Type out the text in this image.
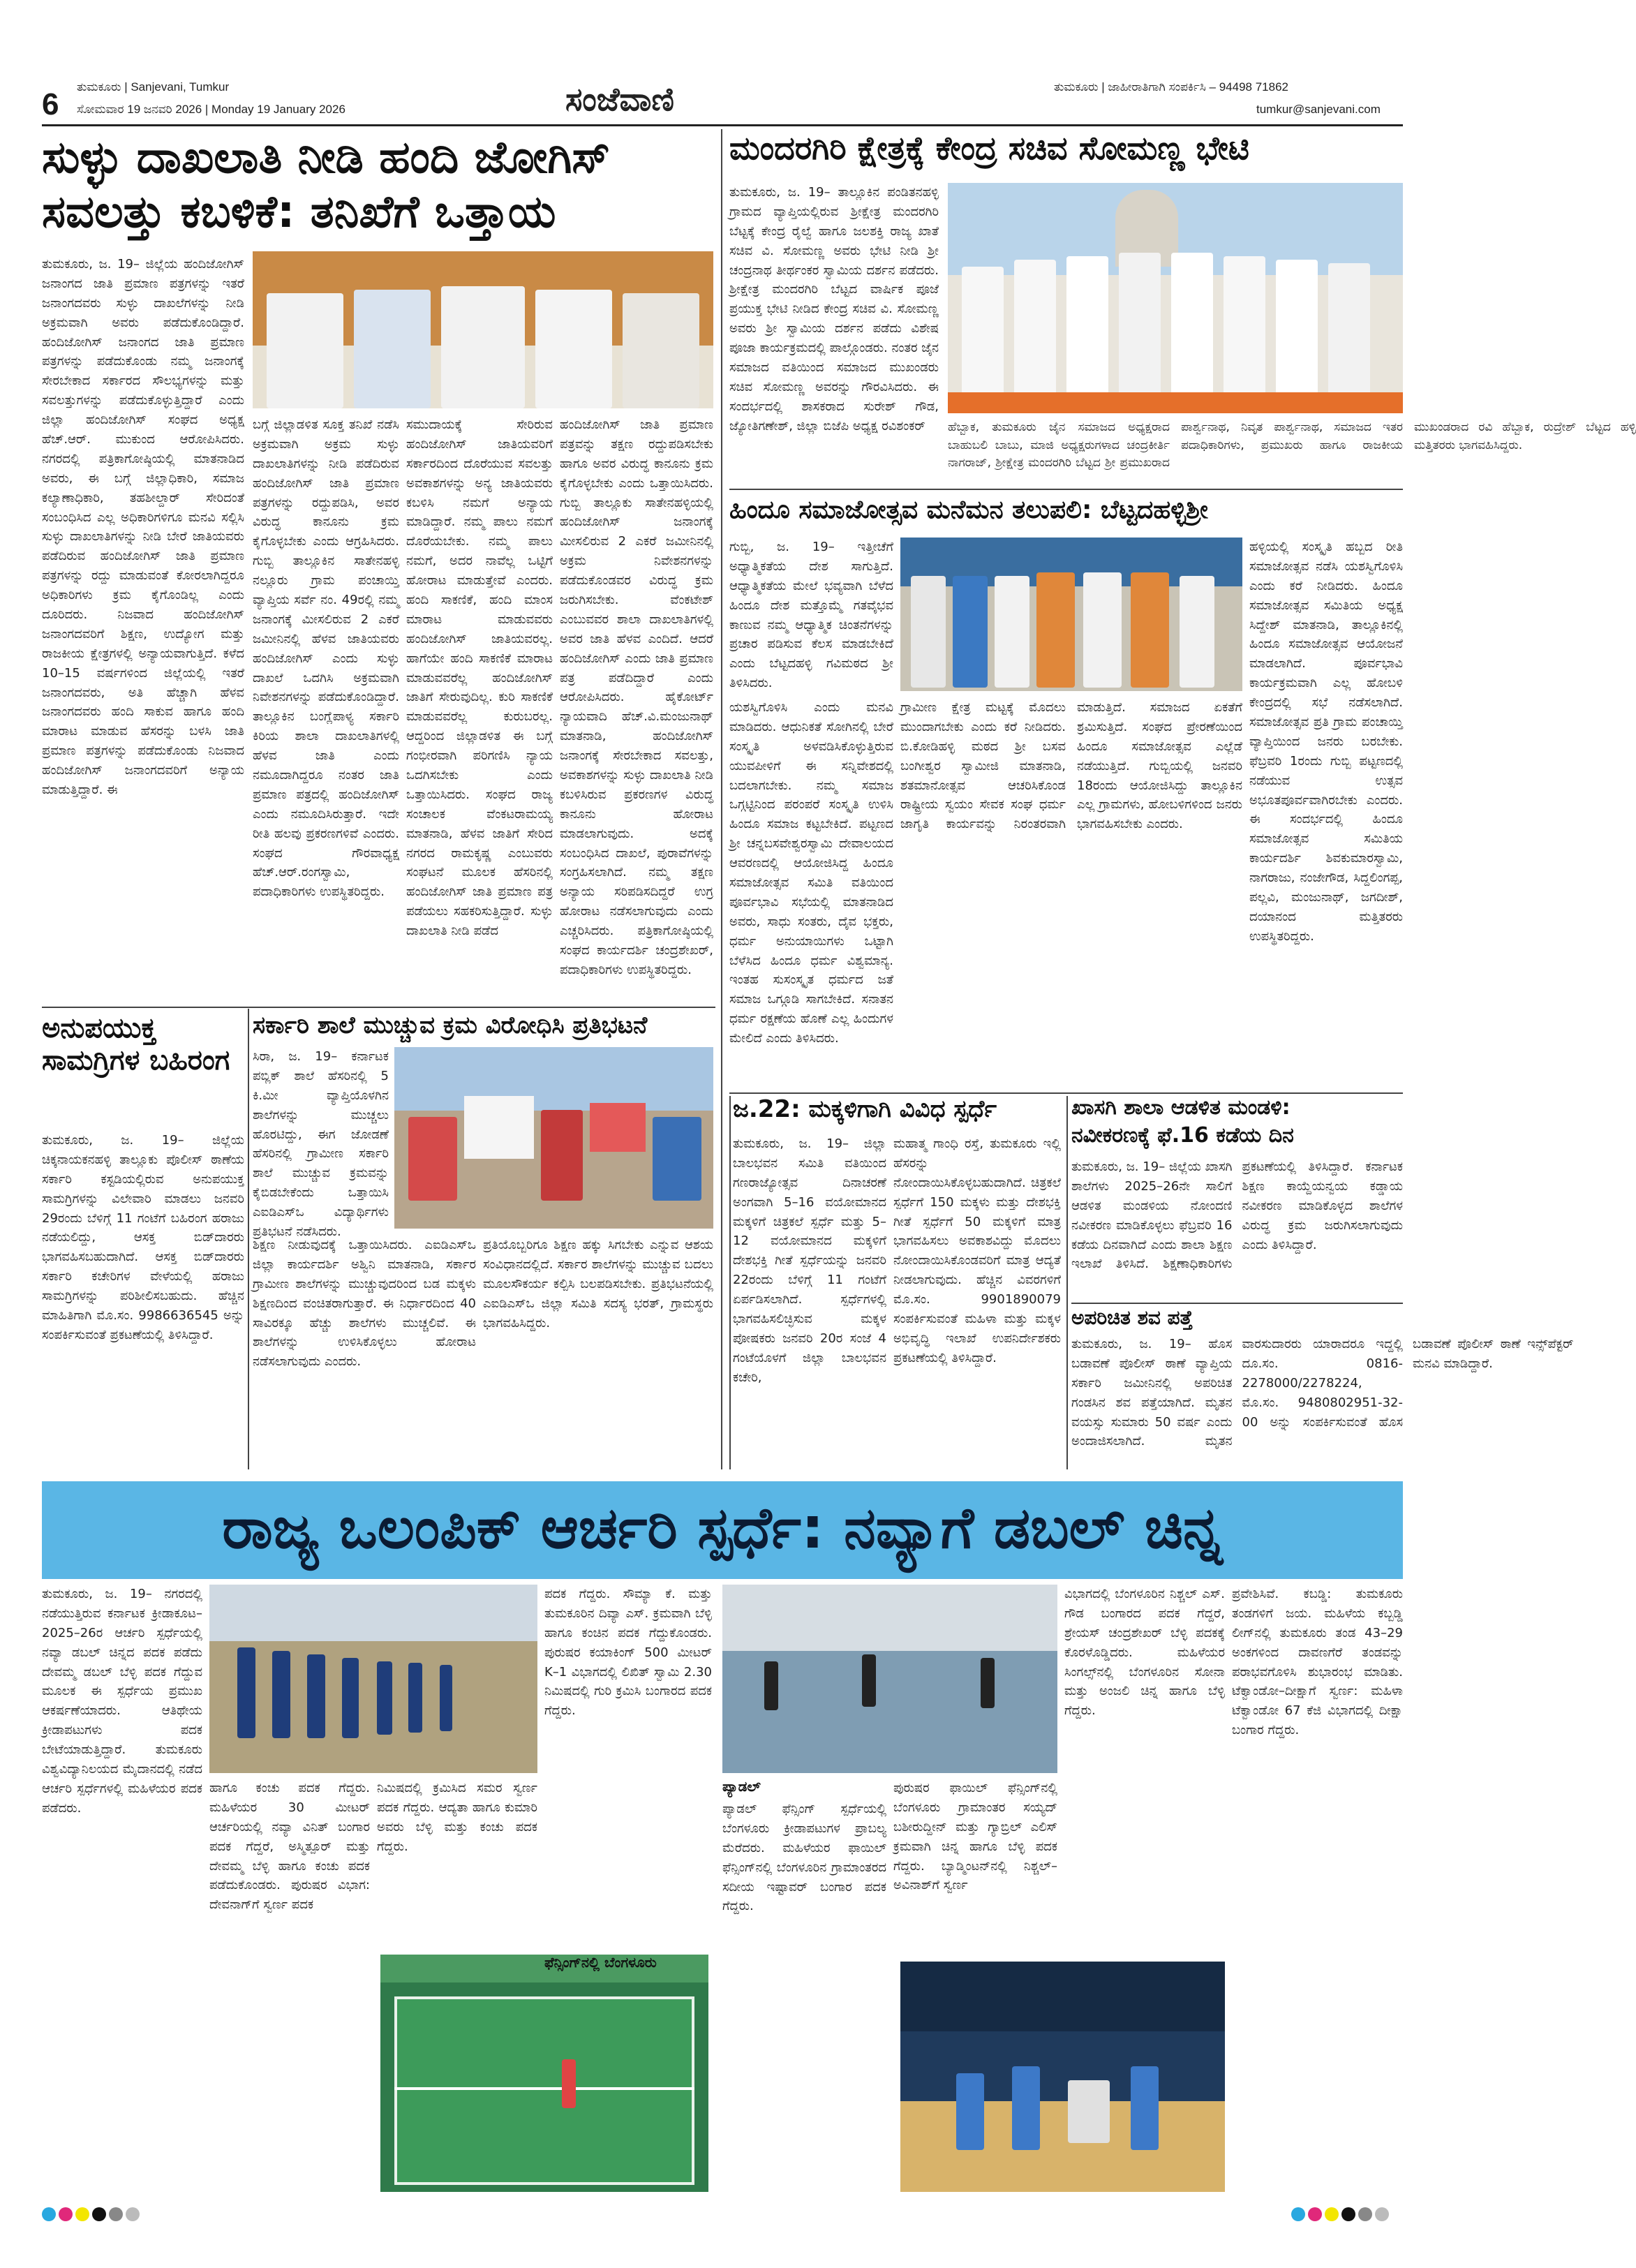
6
ತುಮಕೂರು | Sanjevani, Tumkur
ಸೋಮವಾರ 19 ಜನವರಿ 2026 | Monday 19 January 2026	ಸಂಜೆವಾಣಿ	ತುಮಕೂರು | ಜಾಹೀರಾತಿಗಾಗಿ ಸಂಪರ್ಕಿಸಿ – 94498 71862
tumkur@sanjevani.com
ಸುಳ್ಳು ದಾಖಲಾತಿ ನೀಡಿ ಹಂದಿ ಜೋಗಿಸ್
ಸವಲತ್ತು ಕಬಳಿಕೆ: ತನಿಖೆಗೆ ಒತ್ತಾಯ
ತುಮಕೂರು, ಜ. 19– ಜಿಲ್ಲೆಯ ಹಂದಿಜೋಗಿಸ್ ಜನಾಂಗದ ಜಾತಿ ಪ್ರಮಾಣ ಪತ್ರಗಳನ್ನು ಇತರೆ ಜನಾಂಗದವರು ಸುಳ್ಳು ದಾಖಲೆಗಳನ್ನು ನೀಡಿ ಅಕ್ರಮವಾಗಿ ಅವರು ಪಡೆದುಕೊಂಡಿದ್ದಾರೆ. ಹಂದಿಜೋಗಿಸ್ ಜನಾಂಗದ ಜಾತಿ ಪ್ರಮಾಣ ಪತ್ರಗಳನ್ನು ಪಡೆದುಕೊಂಡು ನಮ್ಮ ಜನಾಂಗಕ್ಕೆ ಸೇರಬೇಕಾದ ಸರ್ಕಾರದ ಸೌಲಭ್ಯಗಳನ್ನು ಮತ್ತು ಸವಲತ್ತುಗಳನ್ನು ಪಡೆದುಕೊಳ್ಳುತ್ತಿದ್ದಾರೆ ಎಂದು ಜಿಲ್ಲಾ ಹಂದಿಜೋಗಿಸ್ ಸಂಘದ ಅಧ್ಯಕ್ಷ ಹೆಚ್.ಆರ್. ಮುಕುಂದ ಆರೋಪಿಸಿದರು. ನಗರದಲ್ಲಿ ಪತ್ರಿಕಾಗೋಷ್ಠಿಯಲ್ಲಿ ಮಾತನಾಡಿದ ಅವರು, ಈ ಬಗ್ಗೆ ಜಿಲ್ಲಾಧಿಕಾರಿ, ಸಮಾಜ ಕಲ್ಯಾಣಾಧಿಕಾರಿ, ತಹಶೀಲ್ದಾರ್ ಸೇರಿದಂತೆ ಸಂಬಂಧಿಸಿದ ಎಲ್ಲ ಅಧಿಕಾರಿಗಳಿಗೂ ಮನವಿ ಸಲ್ಲಿಸಿ ಸುಳ್ಳು ದಾಖಲಾತಿಗಳನ್ನು ನೀಡಿ ಬೇರೆ ಜಾತಿಯವರು ಪಡೆದಿರುವ ಹಂದಿಜೋಗಿಸ್ ಜಾತಿ ಪ್ರಮಾಣ ಪತ್ರಗಳನ್ನು ರದ್ದು ಮಾಡುವಂತೆ ಕೋರಲಾಗಿದ್ದರೂ ಅಧಿಕಾರಿಗಳು ಕ್ರಮ ಕೈಗೊಂಡಿಲ್ಲ ಎಂದು ದೂರಿದರು. ನಿಜವಾದ ಹಂದಿಜೋಗಿಸ್ ಜನಾಂಗದವರಿಗೆ ಶಿಕ್ಷಣ, ಉದ್ಯೋಗ ಮತ್ತು ರಾಜಕೀಯ ಕ್ಷೇತ್ರಗಳಲ್ಲಿ ಅನ್ಯಾಯವಾಗುತ್ತಿದೆ. ಕಳೆದ 10–15 ವರ್ಷಗಳಿಂದ ಜಿಲ್ಲೆಯಲ್ಲಿ ಇತರೆ ಜನಾಂಗದವರು, ಅತಿ ಹೆಚ್ಚಾಗಿ ಹೆಳವ ಜನಾಂಗದವರು ಹಂದಿ ಸಾಕುವ ಹಾಗೂ ಹಂದಿ ಮಾರಾಟ ಮಾಡುವ ಹೆಸರನ್ನು ಬಳಸಿ ಜಾತಿ ಪ್ರಮಾಣ ಪತ್ರಗಳನ್ನು ಪಡೆದುಕೊಂಡು ನಿಜವಾದ ಹಂದಿಜೋಗಿಸ್ ಜನಾಂಗದವರಿಗೆ ಅನ್ಯಾಯ ಮಾಡುತ್ತಿದ್ದಾರೆ. ಈ
ಬಗ್ಗೆ ಜಿಲ್ಲಾಡಳಿತ ಸೂಕ್ತ ತನಿಖೆ ನಡೆಸಿ ಅಕ್ರಮವಾಗಿ ಅಕ್ರಮ ಸುಳ್ಳು ದಾಖಲಾತಿಗಳನ್ನು ನೀಡಿ ಪಡೆದಿರುವ ಹಂದಿಜೋಗಿಸ್ ಜಾತಿ ಪ್ರಮಾಣ ಪತ್ರಗಳನ್ನು ರದ್ದುಪಡಿಸಿ, ಅವರ ವಿರುದ್ಧ ಕಾನೂನು ಕ್ರಮ ಕೈಗೊಳ್ಳಬೇಕು ಎಂದು ಆಗ್ರಹಿಸಿದರು. ಗುಬ್ಬಿ ತಾಲ್ಲೂಕಿನ ಸಾತೇನಹಳ್ಳಿ ನಲ್ಲೂರು ಗ್ರಾಮ ಪಂಚಾಯ್ತಿ ವ್ಯಾಪ್ತಿಯ ಸರ್ವೆ ನಂ. 49ರಲ್ಲಿ ನಮ್ಮ ಜನಾಂಗಕ್ಕೆ ಮೀಸಲಿರುವ 2 ಎಕರೆ ಜಮೀನಿನಲ್ಲಿ ಹೆಳವ ಜಾತಿಯವರು ಹಂದಿಜೋಗಿಸ್ ಎಂದು ಸುಳ್ಳು ದಾಖಲೆ ಒದಗಿಸಿ ಅಕ್ರಮವಾಗಿ ನಿವೇಶನಗಳನ್ನು ಪಡೆದುಕೊಂಡಿದ್ದಾರೆ. ತಾಲ್ಲೂಕಿನ ಬಂಗ್ಲೆಪಾಳ್ಯ ಸರ್ಕಾರಿ ಕಿರಿಯ ಶಾಲಾ ದಾಖಲಾತಿಗಳಲ್ಲಿ ಹೆಳವ ಜಾತಿ ಎಂದು ನಮೂದಾಗಿದ್ದರೂ ನಂತರ ಜಾತಿ ಪ್ರಮಾಣ ಪತ್ರದಲ್ಲಿ ಹಂದಿಜೋಗಿಸ್ ಎಂದು ನಮೂದಿಸಿರುತ್ತಾರೆ. ಇದೇ ರೀತಿ ಹಲವು ಪ್ರಕರಣಗಳಿವೆ ಎಂದರು. ಸಂಘದ ಗೌರವಾಧ್ಯಕ್ಷ ಹೆಚ್.ಆರ್.ರಂಗಸ್ವಾಮಿ, ಪದಾಧಿಕಾರಿಗಳು ಉಪಸ್ಥಿತರಿದ್ದರು.
ಸಮುದಾಯಕ್ಕೆ ಸೇರಿರುವ ಹಂದಿಜೋಗಿಸ್ ಜಾತಿಯವರಿಗೆ ಸರ್ಕಾರದಿಂದ ದೊರೆಯುವ ಸವಲತ್ತು ಅವಕಾಶಗಳನ್ನು ಅನ್ಯ ಜಾತಿಯವರು ಕಬಳಿಸಿ ನಮಗೆ ಅನ್ಯಾಯ ಮಾಡಿದ್ದಾರೆ. ನಮ್ಮ ಪಾಲು ನಮಗೆ ದೊರೆಯಬೇಕು. ನಮ್ಮ ಪಾಲು ನಮಗೆ, ಅದರ ನಾವೆಲ್ಲ ಒಟ್ಟಿಗೆ ಹೋರಾಟ ಮಾಡುತ್ತೇವೆ ಎಂದರು. ಹಂದಿ ಸಾಕಣಿಕೆ, ಹಂದಿ ಮಾಂಸ ಮಾರಾಟ ಮಾಡುವವರು ಹಂದಿಜೋಗಿಸ್ ಜಾತಿಯವರಲ್ಲ. ಹಾಗೆಯೇ ಹಂದಿ ಸಾಕಣಿಕೆ ಮಾರಾಟ ಮಾಡುವವರೆಲ್ಲ ಹಂದಿಜೋಗಿಸ್ ಜಾತಿಗೆ ಸೇರುವುದಿಲ್ಲ. ಕುರಿ ಸಾಕಣಿಕೆ ಮಾಡುವವರೆಲ್ಲ ಕುರುಬರಲ್ಲ. ಆದ್ದರಿಂದ ಜಿಲ್ಲಾಡಳಿತ ಈ ಬಗ್ಗೆ ಗಂಭೀರವಾಗಿ ಪರಿಗಣಿಸಿ ನ್ಯಾಯ ಒದಗಿಸಬೇಕು ಎಂದು ಒತ್ತಾಯಿಸಿದರು. ಸಂಘದ ರಾಜ್ಯ ಸಂಚಾಲಕ ವೆಂಕಟರಾಮಯ್ಯ ಮಾತನಾಡಿ, ಹೆಳವ ಜಾತಿಗೆ ಸೇರಿದ ನಗರದ ರಾಮಕೃಷ್ಣ ಎಂಬುವರು ಸಂಘಟನೆ ಮೂಲಕ ಹೆಸರಿನಲ್ಲಿ ಹಂದಿಜೋಗಿಸ್ ಜಾತಿ ಪ್ರಮಾಣ ಪತ್ರ ಪಡೆಯಲು ಸಹಕರಿಸುತ್ತಿದ್ದಾರೆ. ಸುಳ್ಳು ದಾಖಲಾತಿ ನೀಡಿ ಪಡೆದ
ಹಂದಿಜೋಗಿಸ್ ಜಾತಿ ಪ್ರಮಾಣ ಪತ್ರವನ್ನು ತಕ್ಷಣ ರದ್ದುಪಡಿಸಬೇಕು ಹಾಗೂ ಅವರ ವಿರುದ್ಧ ಕಾನೂನು ಕ್ರಮ ಕೈಗೊಳ್ಳಬೇಕು ಎಂದು ಒತ್ತಾಯಿಸಿದರು. ಗುಬ್ಬಿ ತಾಲ್ಲೂಕು ಸಾತೇನಹಳ್ಳಿಯಲ್ಲಿ ಹಂದಿಜೋಗಿಸ್ ಜನಾಂಗಕ್ಕೆ ಮೀಸಲಿರುವ 2 ಎಕರೆ ಜಮೀನಿನಲ್ಲಿ ಅಕ್ರಮ ನಿವೇಶನಗಳನ್ನು ಪಡೆದುಕೊಂಡವರ ವಿರುದ್ಧ ಕ್ರಮ ಜರುಗಿಸಬೇಕು. ವೆಂಕಟೇಶ್ ಎಂಬುವವರ ಶಾಲಾ ದಾಖಲಾತಿಗಳಲ್ಲಿ ಅವರ ಜಾತಿ ಹೆಳವ ಎಂದಿದೆ. ಆದರೆ ಹಂದಿಜೋಗಿಸ್ ಎಂದು ಜಾತಿ ಪ್ರಮಾಣ ಪತ್ರ ಪಡೆದಿದ್ದಾರೆ ಎಂದು ಆರೋಪಿಸಿದರು. ಹೈಕೋರ್ಟ್ ನ್ಯಾಯವಾದಿ ಹೆಚ್.ವಿ.ಮಂಜುನಾಥ್ ಮಾತನಾಡಿ, ಹಂದಿಜೋಗಿಸ್ ಜನಾಂಗಕ್ಕೆ ಸೇರಬೇಕಾದ ಸವಲತ್ತು, ಅವಕಾಶಗಳನ್ನು ಸುಳ್ಳು ದಾಖಲಾತಿ ನೀಡಿ ಕಬಳಿಸಿರುವ ಪ್ರಕರಣಗಳ ವಿರುದ್ಧ ಕಾನೂನು ಹೋರಾಟ ಮಾಡಲಾಗುವುದು. ಅದಕ್ಕೆ ಸಂಬಂಧಿಸಿದ ದಾಖಲೆ, ಪುರಾವೆಗಳನ್ನು ಸಂಗ್ರಹಿಸಲಾಗಿದೆ. ನಮ್ಮ ತಕ್ಷಣ ಅನ್ಯಾಯ ಸರಿಪಡಿಸದಿದ್ದರೆ ಉಗ್ರ ಹೋರಾಟ ನಡೆಸಲಾಗುವುದು ಎಂದು ಎಚ್ಚರಿಸಿದರು. ಪತ್ರಿಕಾಗೋಷ್ಠಿಯಲ್ಲಿ ಸಂಘದ ಕಾರ್ಯದರ್ಶಿ ಚಂದ್ರಶೇಖರ್, ಪದಾಧಿಕಾರಿಗಳು ಉಪಸ್ಥಿತರಿದ್ದರು.
ಮಂದರಗಿರಿ ಕ್ಷೇತ್ರಕ್ಕೆ ಕೇಂದ್ರ ಸಚಿವ ಸೋಮಣ್ಣ ಭೇಟಿ
ತುಮಕೂರು, ಜ. 19– ತಾಲ್ಲೂಕಿನ ಪಂಡಿತನಹಳ್ಳಿ ಗ್ರಾಮದ ವ್ಯಾಪ್ತಿಯಲ್ಲಿರುವ ಶ್ರೀಕ್ಷೇತ್ರ ಮಂದರಗಿರಿ ಬೆಟ್ಟಕ್ಕೆ ಕೇಂದ್ರ ರೈಲ್ವೆ ಹಾಗೂ ಜಲಶಕ್ತಿ ರಾಜ್ಯ ಖಾತೆ ಸಚಿವ ವಿ. ಸೋಮಣ್ಣ ಅವರು ಭೇಟಿ ನೀಡಿ ಶ್ರೀ ಚಂದ್ರನಾಥ ತೀರ್ಥಂಕರ ಸ್ವಾಮಿಯ ದರ್ಶನ ಪಡೆದರು. ಶ್ರೀಕ್ಷೇತ್ರ ಮಂದರಗಿರಿ ಬೆಟ್ಟದ ವಾರ್ಷಿಕ ಪೂಜೆ ಪ್ರಯುಕ್ತ ಭೇಟಿ ನೀಡಿದ ಕೇಂದ್ರ ಸಚಿವ ವಿ. ಸೋಮಣ್ಣ ಅವರು ಶ್ರೀ ಸ್ವಾಮಿಯ ದರ್ಶನ ಪಡೆದು ವಿಶೇಷ ಪೂಜಾ ಕಾರ್ಯಕ್ರಮದಲ್ಲಿ ಪಾಲ್ಗೊಂಡರು. ನಂತರ ಜೈನ ಸಮಾಜದ ವತಿಯಿಂದ ಸಮಾಜದ ಮುಖಂಡರು ಸಚಿವ ಸೋಮಣ್ಣ ಅವರನ್ನು ಗೌರವಿಸಿದರು. ಈ ಸಂದರ್ಭದಲ್ಲಿ ಶಾಸಕರಾದ ಸುರೇಶ್ ಗೌಡ, ಜ್ಯೋತಿಗಣೇಶ್, ಜಿಲ್ಲಾ ಬಿಜೆಪಿ ಅಧ್ಯಕ್ಷ ರವಿಶಂಕರ್	ಹೆಬ್ಬಾಕ, ತುಮಕೂರು ಜೈನ ಸಮಾಜದ ಅಧ್ಯಕ್ಷರಾದ ಬಾಹುಬಲಿ ಬಾಬು, ಮಾಜಿ ಅಧ್ಯಕ್ಷರುಗಳಾದ ಚಂದ್ರಕೀರ್ತಿ ನಾಗರಾಜ್, ಶ್ರೀಕ್ಷೇತ್ರ ಮಂದರಗಿರಿ ಬೆಟ್ಟದ ಶ್ರೀ ಪ್ರಮುಖರಾದ ಪಾರ್ಶ್ವನಾಥ, ನಿವೃತ ಪಾರ್ಶ್ವನಾಥ, ಸಮಾಜದ ಇತರ ಪದಾಧಿಕಾರಿಗಳು, ಪ್ರಮುಖರು ಹಾಗೂ ರಾಜಕೀಯ ಮುಖಂಡರಾದ ರವಿ ಹೆಬ್ಬಾಕ, ರುದ್ರೇಶ್ ಬೆಟ್ಟದ ಹಳ್ಳಿ ಮತ್ತಿತರರು ಭಾಗವಹಿಸಿದ್ದರು.
ಹಿಂದೂ ಸಮಾಜೋತ್ಸವ ಮನೆಮನ ತಲುಪಲಿ: ಬೆಟ್ಟದಹಳ್ಳಿಶ್ರೀ
ಗುಬ್ಬಿ, ಜ. 19– ಇತ್ತೀಚೆಗೆ ಅಧ್ಯಾತ್ಮಿಕತೆಯ ದೇಶ ಸಾಗುತ್ತಿದೆ. ಆಧ್ಯಾತ್ಮಿಕತೆಯ ಮೇಲೆ ಭವ್ಯವಾಗಿ ಬೆಳೆದ ಹಿಂದೂ ದೇಶ ಮತ್ತೊಮ್ಮೆ ಗತವೈಭವ ಕಾಣುವ ನಮ್ಮ ಆಧ್ಯಾತ್ಮಿಕ ಚಿಂತನೆಗಳನ್ನು ಪ್ರಚಾರ ಪಡಿಸುವ ಕೆಲಸ ಮಾಡಬೇಕಿದೆ ಎಂದು ಬೆಟ್ಟದಹಳ್ಳಿ ಗವಿಮಠದ ಶ್ರೀ ತಿಳಿಸಿದರು.
ಹಳ್ಳಿಯಲ್ಲಿ ಸಂಸ್ಕೃತಿ ಹಬ್ಬದ ರೀತಿ ಸಮಾಜೋತ್ಸವ ನಡೆಸಿ ಯಶಸ್ವಿಗೊಳಿಸಿ ಎಂದು ಕರೆ ನೀಡಿದರು. ಹಿಂದೂ ಸಮಾಜೋತ್ಸವ ಸಮಿತಿಯ ಅಧ್ಯಕ್ಷ ಸಿದ್ದೇಶ್ ಮಾತನಾಡಿ, ತಾಲ್ಲೂಕಿನಲ್ಲಿ ಹಿಂದೂ ಸಮಾಜೋತ್ಸವ ಆಯೋಜನೆ ಮಾಡಲಾಗಿದೆ. ಪೂರ್ವಭಾವಿ ಕಾರ್ಯಕ್ರಮವಾಗಿ ಎಲ್ಲ ಹೋಬಳಿ ಕೇಂದ್ರದಲ್ಲಿ ಸಭೆ ನಡೆಸಲಾಗಿದೆ. ಸಮಾಜೋತ್ಸವ ಪ್ರತಿ ಗ್ರಾಮ ಪಂಚಾಯ್ತಿ ವ್ಯಾಪ್ತಿಯಿಂದ ಜನರು ಬರಬೇಕು. ಫೆಬ್ರವರಿ 1ರಂದು ಗುಬ್ಬಿ ಪಟ್ಟಣದಲ್ಲಿ ನಡೆಯುವ ಉತ್ಸವ ಅಭೂತಪೂರ್ವವಾಗಿರಬೇಕು ಎಂದರು. ಈ ಸಂದರ್ಭದಲ್ಲಿ ಹಿಂದೂ ಸಮಾಜೋತ್ಸವ ಸಮಿತಿಯ ಕಾರ್ಯದರ್ಶಿ ಶಿವಕುಮಾರಸ್ವಾಮಿ, ನಾಗರಾಜು, ನಂಜೇಗೌಡ, ಸಿದ್ದಲಿಂಗಪ್ಪ, ಪಲ್ಲವಿ, ಮಂಜುನಾಥ್, ಜಗದೀಶ್, ದಯಾನಂದ ಮತ್ತಿತರರು ಉಪಸ್ಥಿತರಿದ್ದರು.
ಯಶಸ್ವಿಗೊಳಿಸಿ ಎಂದು ಮನವಿ ಮಾಡಿದರು. ಆಧುನಿಕತೆ ಸೋಗಿನಲ್ಲಿ ಬೇರೆ ಸಂಸ್ಕೃತಿ ಅಳವಡಿಸಿಕೊಳ್ಳುತ್ತಿರುವ ಯುವಪೀಳಿಗೆ ಈ ಸನ್ನಿವೇಶದಲ್ಲಿ ಬದಲಾಗಬೇಕು. ನಮ್ಮ ಸಮಾಜ ಒಗ್ಗಟ್ಟಿನಿಂದ ಪರಂಪರೆ ಸಂಸ್ಕೃತಿ ಉಳಿಸಿ ಹಿಂದೂ ಸಮಾಜ ಕಟ್ಟಬೇಕಿದೆ. ಪಟ್ಟಣದ ಶ್ರೀ ಚನ್ನಬಸವೇಶ್ವರಸ್ವಾಮಿ ದೇವಾಲಯದ ಆವರಣದಲ್ಲಿ ಆಯೋಜಿಸಿದ್ದ ಹಿಂದೂ ಸಮಾಜೋತ್ಸವ ಸಮಿತಿ ವತಿಯಿಂದ ಪೂರ್ವಭಾವಿ ಸಭೆಯಲ್ಲಿ ಮಾತನಾಡಿದ ಅವರು, ಸಾಧು ಸಂತರು, ದೈವ ಭಕ್ತರು, ಧರ್ಮ ಅನುಯಾಯಿಗಳು ಒಟ್ಟಾಗಿ ಬೆಳೆಸಿದ ಹಿಂದೂ ಧರ್ಮ ವಿಶ್ವಮಾನ್ಯ. ಇಂತಹ ಸುಸಂಸ್ಕೃತ ಧರ್ಮದ ಜತೆ ಸಮಾಜ ಒಗ್ಗೂಡಿ ಸಾಗಬೇಕಿದೆ. ಸನಾತನ ಧರ್ಮ ರಕ್ಷಣೆಯ ಹೊಣೆ ಎಲ್ಲ ಹಿಂದುಗಳ ಮೇಲಿದೆ ಎಂದು ತಿಳಿಸಿದರು.
ಗ್ರಾಮೀಣ ಕ್ಷೇತ್ರ ಮಟ್ಟಕ್ಕೆ ಮೊದಲು ಮುಂದಾಗಬೇಕು ಎಂದು ಕರೆ ನೀಡಿದರು. ಬಿ.ಕೋಡಿಹಳ್ಳಿ ಮಠದ ಶ್ರೀ ಬಸವ ಬಂಗೀಶ್ವರ ಸ್ವಾಮೀಜಿ ಮಾತನಾಡಿ, ಶತಮಾನೋತ್ಸವ ಆಚರಿಸಿಕೊಂಡ ರಾಷ್ಟ್ರೀಯ ಸ್ವಯಂ ಸೇವಕ ಸಂಘ ಧರ್ಮ ಜಾಗೃತಿ ಕಾರ್ಯವನ್ನು ನಿರಂತರವಾಗಿ ಮಾಡುತ್ತಿದೆ. ಸಮಾಜದ ಏಕತೆಗೆ ಶ್ರಮಿಸುತ್ತಿದೆ. ಸಂಘದ ಪ್ರೇರಣೆಯಿಂದ ಹಿಂದೂ ಸಮಾಜೋತ್ಸವ ಎಲ್ಲೆಡೆ ನಡೆಯುತ್ತಿದೆ. ಗುಬ್ಬಿಯಲ್ಲಿ ಜನವರಿ 18ರಂದು ಆಯೋಜಿಸಿದ್ದು ತಾಲ್ಲೂಕಿನ ಎಲ್ಲ ಗ್ರಾಮಗಳು, ಹೋಬಳಿಗಳಿಂದ ಜನರು ಭಾಗವಹಿಸಬೇಕು ಎಂದರು.
ಅನುಪಯುಕ್ತ ಸಾಮಗ್ರಿಗಳ ಬಹಿರಂಗ
ತುಮಕೂರು, ಜ. 19– ಜಿಲ್ಲೆಯ ಚಿಕ್ಕನಾಯಕನಹಳ್ಳಿ ತಾಲ್ಲೂಕು ಪೊಲೀಸ್ ಠಾಣೆಯ ಸರ್ಕಾರಿ ಕಸ್ಟಡಿಯಲ್ಲಿರುವ ಅನುಪಯುಕ್ತ ಸಾಮಗ್ರಿಗಳನ್ನು ವಿಲೇವಾರಿ ಮಾಡಲು ಜನವರಿ 29ರಂದು ಬೆಳಿಗ್ಗೆ 11 ಗಂಟೆಗೆ ಬಹಿರಂಗ ಹರಾಜು ನಡೆಯಲಿದ್ದು, ಆಸಕ್ತ ಬಿಡ್‌ದಾರರು ಭಾಗವಹಿಸಬಹುದಾಗಿದೆ. ಆಸಕ್ತ ಬಿಡ್‌ದಾರರು ಸರ್ಕಾರಿ ಕಚೇರಿಗಳ ವೇಳೆಯಲ್ಲಿ ಹರಾಜು ಸಾಮಗ್ರಿಗಳನ್ನು ಪರಿಶೀಲಿಸಬಹುದು. ಹೆಚ್ಚಿನ ಮಾಹಿತಿಗಾಗಿ ಮೊ.ಸಂ. 9986636545 ಅನ್ನು ಸಂಪರ್ಕಿಸುವಂತೆ ಪ್ರಕಟಣೆಯಲ್ಲಿ ತಿಳಿಸಿದ್ದಾರೆ.
ಸರ್ಕಾರಿ ಶಾಲೆ ಮುಚ್ಚುವ ಕ್ರಮ ವಿರೋಧಿಸಿ ಪ್ರತಿಭಟನೆ
ಸಿರಾ, ಜ. 19– ಕರ್ನಾಟಕ ಪಬ್ಲಿಕ್ ಶಾಲೆ ಹೆಸರಿನಲ್ಲಿ 5 ಕಿ.ಮೀ ವ್ಯಾಪ್ತಿಯೊಳಗಿನ ಶಾಲೆಗಳನ್ನು ಮುಚ್ಚಲು ಹೊರಟಿದ್ದು, ಈಗ ಜೋಡಣೆ ಹೆಸರಿನಲ್ಲಿ ಗ್ರಾಮೀಣ ಸರ್ಕಾರಿ ಶಾಲೆ ಮುಚ್ಚುವ ಕ್ರಮವನ್ನು ಕೈಬಿಡಬೇಕೆಂದು ಒತ್ತಾಯಿಸಿ ಎಐಡಿಎಸ್‌ಒ ವಿದ್ಯಾರ್ಥಿಗಳು ಪ್ರತಿಭಟನೆ ನಡೆಸಿದರು.
ಶಿಕ್ಷಣ ನೀಡುವುದಕ್ಕೆ ಒತ್ತಾಯಿಸಿದರು. ಎಐಡಿಎಸ್‌ಒ ಜಿಲ್ಲಾ ಕಾರ್ಯದರ್ಶಿ ಅಶ್ವಿನಿ ಮಾತನಾಡಿ, ಸರ್ಕಾರ ಗ್ರಾಮೀಣ ಶಾಲೆಗಳನ್ನು ಮುಚ್ಚುವುದರಿಂದ ಬಡ ಮಕ್ಕಳು ಶಿಕ್ಷಣದಿಂದ ವಂಚಿತರಾಗುತ್ತಾರೆ. ಈ ನಿರ್ಧಾರದಿಂದ 40 ಸಾವಿರಕ್ಕೂ ಹೆಚ್ಚು ಶಾಲೆಗಳು ಮುಚ್ಚಲಿವೆ. ಈ ಶಾಲೆಗಳನ್ನು ಉಳಿಸಿಕೊಳ್ಳಲು ಹೋರಾಟ ನಡೆಸಲಾಗುವುದು ಎಂದರು.
ಪ್ರತಿಯೊಬ್ಬರಿಗೂ ಶಿಕ್ಷಣ ಹಕ್ಕು ಸಿಗಬೇಕು ಎನ್ನುವ ಆಶಯ ಸಂವಿಧಾನದಲ್ಲಿದೆ. ಸರ್ಕಾರ ಶಾಲೆಗಳನ್ನು ಮುಚ್ಚುವ ಬದಲು ಮೂಲಸೌಕರ್ಯ ಕಲ್ಪಿಸಿ ಬಲಪಡಿಸಬೇಕು. ಪ್ರತಿಭಟನೆಯಲ್ಲಿ ಎಐಡಿಎಸ್‌ಒ ಜಿಲ್ಲಾ ಸಮಿತಿ ಸದಸ್ಯ ಭರತ್, ಗ್ರಾಮಸ್ಥರು ಭಾಗವಹಿಸಿದ್ದರು.
ಜ.22: ಮಕ್ಕಳಿಗಾಗಿ ವಿವಿಧ ಸ್ಪರ್ಧೆ
ತುಮಕೂರು, ಜ. 19– ಜಿಲ್ಲಾ ಬಾಲಭವನ ಸಮಿತಿ ವತಿಯಿಂದ ಗಣರಾಜ್ಯೋತ್ಸವ ದಿನಾಚರಣೆ ಅಂಗವಾಗಿ 5–16 ವಯೋಮಾನದ ಮಕ್ಕಳಿಗೆ ಚಿತ್ರಕಲೆ ಸ್ಪರ್ಧೆ ಮತ್ತು 5–12 ವಯೋಮಾನದ ಮಕ್ಕಳಿಗೆ ದೇಶಭಕ್ತಿ ಗೀತೆ ಸ್ಪರ್ಧೆಯನ್ನು ಜನವರಿ 22ರಂದು ಬೆಳಿಗ್ಗೆ 11 ಗಂಟೆಗೆ ಏರ್ಪಡಿಸಲಾಗಿದೆ. ಸ್ಪರ್ಧೆಗಳಲ್ಲಿ ಭಾಗವಹಿಸಲಿಚ್ಛಿಸುವ ಮಕ್ಕಳ ಪೋಷಕರು ಜನವರಿ 20ರ ಸಂಜೆ 4 ಗಂಟೆಯೊಳಗೆ ಜಿಲ್ಲಾ ಬಾಲಭವನ ಕಚೇರಿ,
ಮಹಾತ್ಮ ಗಾಂಧಿ ರಸ್ತೆ, ತುಮಕೂರು ಇಲ್ಲಿ ಹೆಸರನ್ನು ನೋಂದಾಯಿಸಿಕೊಳ್ಳಬಹುದಾಗಿದೆ. ಚಿತ್ರಕಲೆ ಸ್ಪರ್ಧೆಗೆ 150 ಮಕ್ಕಳು ಮತ್ತು ದೇಶಭಕ್ತಿ ಗೀತೆ ಸ್ಪರ್ಧೆಗೆ 50 ಮಕ್ಕಳಿಗೆ ಮಾತ್ರ ಭಾಗವಹಿಸಲು ಅವಕಾಶವಿದ್ದು ಮೊದಲು ನೋಂದಾಯಿಸಿಕೊಂಡವರಿಗೆ ಮಾತ್ರ ಆದ್ಯತೆ ನೀಡಲಾಗುವುದು. ಹೆಚ್ಚಿನ ವಿವರಗಳಿಗೆ ಮೊ.ಸಂ. 9901890079 ಸಂಪರ್ಕಿಸುವಂತೆ ಮಹಿಳಾ ಮತ್ತು ಮಕ್ಕಳ ಅಭಿವೃದ್ಧಿ ಇಲಾಖೆ ಉಪನಿರ್ದೇಶಕರು ಪ್ರಕಟಣೆಯಲ್ಲಿ ತಿಳಿಸಿದ್ದಾರೆ.
ಖಾಸಗಿ ಶಾಲಾ ಆಡಳಿತ ಮಂಡಳಿ:
ನವೀಕರಣಕ್ಕೆ ಫೆ.16 ಕಡೆಯ ದಿನ
ತುಮಕೂರು, ಜ. 19– ಜಿಲ್ಲೆಯ ಖಾಸಗಿ ಶಾಲೆಗಳು 2025–26ನೇ ಸಾಲಿಗೆ ಆಡಳಿತ ಮಂಡಳಿಯ ನೋಂದಣಿ ನವೀಕರಣ ಮಾಡಿಕೊಳ್ಳಲು ಫೆಬ್ರವರಿ 16 ಕಡೆಯ ದಿನವಾಗಿದೆ ಎಂದು ಶಾಲಾ ಶಿಕ್ಷಣ ಇಲಾಖೆ ತಿಳಿಸಿದೆ. ಶಿಕ್ಷಣಾಧಿಕಾರಿಗಳು ಪ್ರಕಟಣೆಯಲ್ಲಿ ತಿಳಿಸಿದ್ದಾರೆ. ಕರ್ನಾಟಕ ಶಿಕ್ಷಣ ಕಾಯ್ದೆಯನ್ವಯ ಕಡ್ಡಾಯ ನವೀಕರಣ ಮಾಡಿಕೊಳ್ಳದ ಶಾಲೆಗಳ ವಿರುದ್ಧ ಕ್ರಮ ಜರುಗಿಸಲಾಗುವುದು ಎಂದು ತಿಳಿಸಿದ್ದಾರೆ.
ಅಪರಿಚಿತ ಶವ ಪತ್ತೆ
ತುಮಕೂರು, ಜ. 19– ಹೊಸ ಬಡಾವಣೆ ಪೊಲೀಸ್ ಠಾಣೆ ವ್ಯಾಪ್ತಿಯ ಸರ್ಕಾರಿ ಜಮೀನಿನಲ್ಲಿ ಅಪರಿಚಿತ ಗಂಡಸಿನ ಶವ ಪತ್ತೆಯಾಗಿದೆ. ಮೃತನ ವಯಸ್ಸು ಸುಮಾರು 50 ವರ್ಷ ಎಂದು ಅಂದಾಜಿಸಲಾಗಿದೆ. ಮೃತನ ವಾರಸುದಾರರು ಯಾರಾದರೂ ಇದ್ದಲ್ಲಿ ದೂ.ಸಂ. 0816-2278000/2278224, ಮೊ.ಸಂ. 9480802951-32-00 ಅನ್ನು ಸಂಪರ್ಕಿಸುವಂತೆ ಹೊಸ ಬಡಾವಣೆ ಪೊಲೀಸ್ ಠಾಣೆ ಇನ್ಸ್‌ಪೆಕ್ಟರ್ ಮನವಿ ಮಾಡಿದ್ದಾರೆ.
ರಾಜ್ಯ ಒಲಂಪಿಕ್ ಆರ್ಚರಿ ಸ್ಪರ್ಧೆ: ನವ್ಯಾಗೆ ಡಬಲ್ ಚಿನ್ನ
ತುಮಕೂರು, ಜ. 19– ನಗರದಲ್ಲಿ ನಡೆಯುತ್ತಿರುವ ಕರ್ನಾಟಕ ಕ್ರೀಡಾಕೂಟ–2025–26ರ ಆರ್ಚರಿ ಸ್ಪರ್ಧೆಯಲ್ಲಿ ನವ್ಯಾ ಡಬಲ್ ಚಿನ್ನದ ಪದಕ ಪಡೆದು ದೇವಮ್ಮ ಡಬಲ್ ಬೆಳ್ಳಿ ಪದಕ ಗೆದ್ದುವ ಮೂಲಕ ಈ ಸ್ಪರ್ಧೆಯ ಪ್ರಮುಖ ಆಕರ್ಷಣೆಯಾದರು. ಆತಿಥೇಯ ಕ್ರೀಡಾಪಟುಗಳು ಪದಕ ಬೇಟೆಯಾಡುತ್ತಿದ್ದಾರೆ. ತುಮಕೂರು ವಿಶ್ವವಿದ್ಯಾನಿಲಯದ ಮೈದಾನದಲ್ಲಿ ನಡೆದ ಆರ್ಚರಿ ಸ್ಪರ್ಧೆಗಳಲ್ಲಿ ಮಹಿಳೆಯರ ಪದಕ ಪಡೆದರು.
ಹಾಗೂ ಕಂಚು ಪದಕ ಗೆದ್ದರು. ಮಹಿಳೆಯರ 30 ಮೀಟರ್ ಆರ್ಚರಿಯಲ್ಲಿ ನವ್ಯಾ ವಿನಿತ್ ಬಂಗಾರ ಪದಕ ಗೆದ್ದರೆ, ಅಸ್ಮಿತ್ಪೂರ್ ಮತ್ತು ದೇವಮ್ಮ ಬೆಳ್ಳಿ ಹಾಗೂ ಕಂಚು ಪದಕ ಪಡೆದುಕೊಂಡರು. ಪುರುಷರ ವಿಭಾಗ: ದೇವನಾಗ್‌ಗೆ ಸ್ವರ್ಣ ಪದಕ
ನಿಮಿಷದಲ್ಲಿ ಕ್ರಮಿಸಿದ ಸಮರ ಸ್ವರ್ಣ ಪದಕ ಗೆದ್ದರು. ಆದ್ಯತಾ ಹಾಗೂ ಕುಮಾರಿ ಅವರು ಬೆಳ್ಳಿ ಮತ್ತು ಕಂಚು ಪದಕ ಗೆದ್ದರು.
ಪದಕ ಗೆದ್ದರು. ಸೌಮ್ಯಾ ಕೆ. ಮತ್ತು ತುಮಕೂರಿನ ದಿವ್ಯಾ ಎಸ್. ಕ್ರಮವಾಗಿ ಬೆಳ್ಳಿ ಹಾಗೂ ಕಂಚಿನ ಪದಕ ಗೆದ್ದುಕೊಂಡರು. ಪುರುಷರ ಕಯಾಕಿಂಗ್ 500 ಮೀಟರ್ K–1 ವಿಭಾಗದಲ್ಲಿ ಲಿಖಿತ್ ಸ್ವಾಮಿ 2.30 ನಿಮಿಷದಲ್ಲಿ ಗುರಿ ಕ್ರಮಿಸಿ ಬಂಗಾರದ ಪದಕ ಗೆದ್ದರು.
ಫೆನ್ಸಿಂಗ್‌ನಲ್ಲಿ ಬೆಂಗಳೂರು
ಪ್ಯಾಡಲ್
ಪ್ಯಾಡಲ್ ಫೆನ್ಸಿಂಗ್ ಸ್ಪರ್ಧೆಯಲ್ಲಿ ಬೆಂಗಳೂರು ಕ್ರೀಡಾಪಟುಗಳ ಪ್ರಾಬಲ್ಯ ಮೆರೆದರು. ಮಹಿಳೆಯರ ಫಾಯಿಲ್ ಫೆನ್ಸಿಂಗ್‌ನಲ್ಲಿ ಬೆಂಗಳೂರಿನ ಗ್ರಾಮಾಂತರದ ಸದೀಯ ಇಷ್ಟಾವರ್ ಬಂಗಾರ ಪದಕ ಗೆದ್ದರು.
ಪುರುಷರ ಫಾಯಿಲ್ ಫೆನ್ಸಿಂಗ್‌ನಲ್ಲಿ ಬೆಂಗಳೂರು ಗ್ರಾಮಾಂತರ ಸಯ್ಯದ್ ಬಶೀರುದ್ದೀನ್ ಮತ್ತು ಗ್ಯಾಬ್ರಿಲ್ ಎಲಿಸ್ ಕ್ರಮವಾಗಿ ಚಿನ್ನ ಹಾಗೂ ಬೆಳ್ಳಿ ಪದಕ ಗೆದ್ದರು. ಬ್ಯಾಡ್ಮಿಂಟನ್‌ನಲ್ಲಿ ನಿಶ್ಚಲ್–ಅವಿನಾಶ್‌ಗೆ ಸ್ವರ್ಣ
ವಿಭಾಗದಲ್ಲಿ ಬೆಂಗಳೂರಿನ ನಿಶ್ಚಲ್ ಎಸ್. ಗೌಡ ಬಂಗಾರದ ಪದಕ ಗೆದ್ದರೆ, ಶ್ರೇಯಸ್ ಚಂದ್ರಶೇಖರ್ ಬೆಳ್ಳಿ ಪದಕಕ್ಕೆ ಕೊರಳೊಡ್ಡಿದರು. ಮಹಿಳೆಯರ ಸಿಂಗಲ್ಸ್‌ನಲ್ಲಿ ಬೆಂಗಳೂರಿನ ಸೋನಾ ಮತ್ತು ಅಂಜಲಿ ಚಿನ್ನ ಹಾಗೂ ಬೆಳ್ಳಿ ಗೆದ್ದರು.
ಪ್ರವೇಶಿಸಿವೆ. ಕಬಡ್ಡಿ: ತುಮಕೂರು ತಂಡಗಳಿಗೆ ಜಯ. ಮಹಿಳೆಯ ಕಬ್ಬಡ್ಡಿ ಲೀಗ್‌ನಲ್ಲಿ ತುಮಕೂರು ತಂಡ 43–29 ಅಂಕಗಳಿಂದ ದಾವಣಗೆರೆ ತಂಡವನ್ನು ಪರಾಭವಗೊಳಿಸಿ ಶುಭಾರಂಭ ಮಾಡಿತು. ಟೆಕ್ವಾಂಡೋ–ದೀಕ್ಷಾಗೆ ಸ್ವರ್ಣ: ಮಹಿಳಾ ಟೆಕ್ವಾಂಡೋ 67 ಕೆಜಿ ವಿಭಾಗದಲ್ಲಿ ದೀಕ್ಷಾ ಬಂಗಾರ ಗೆದ್ದರು.
